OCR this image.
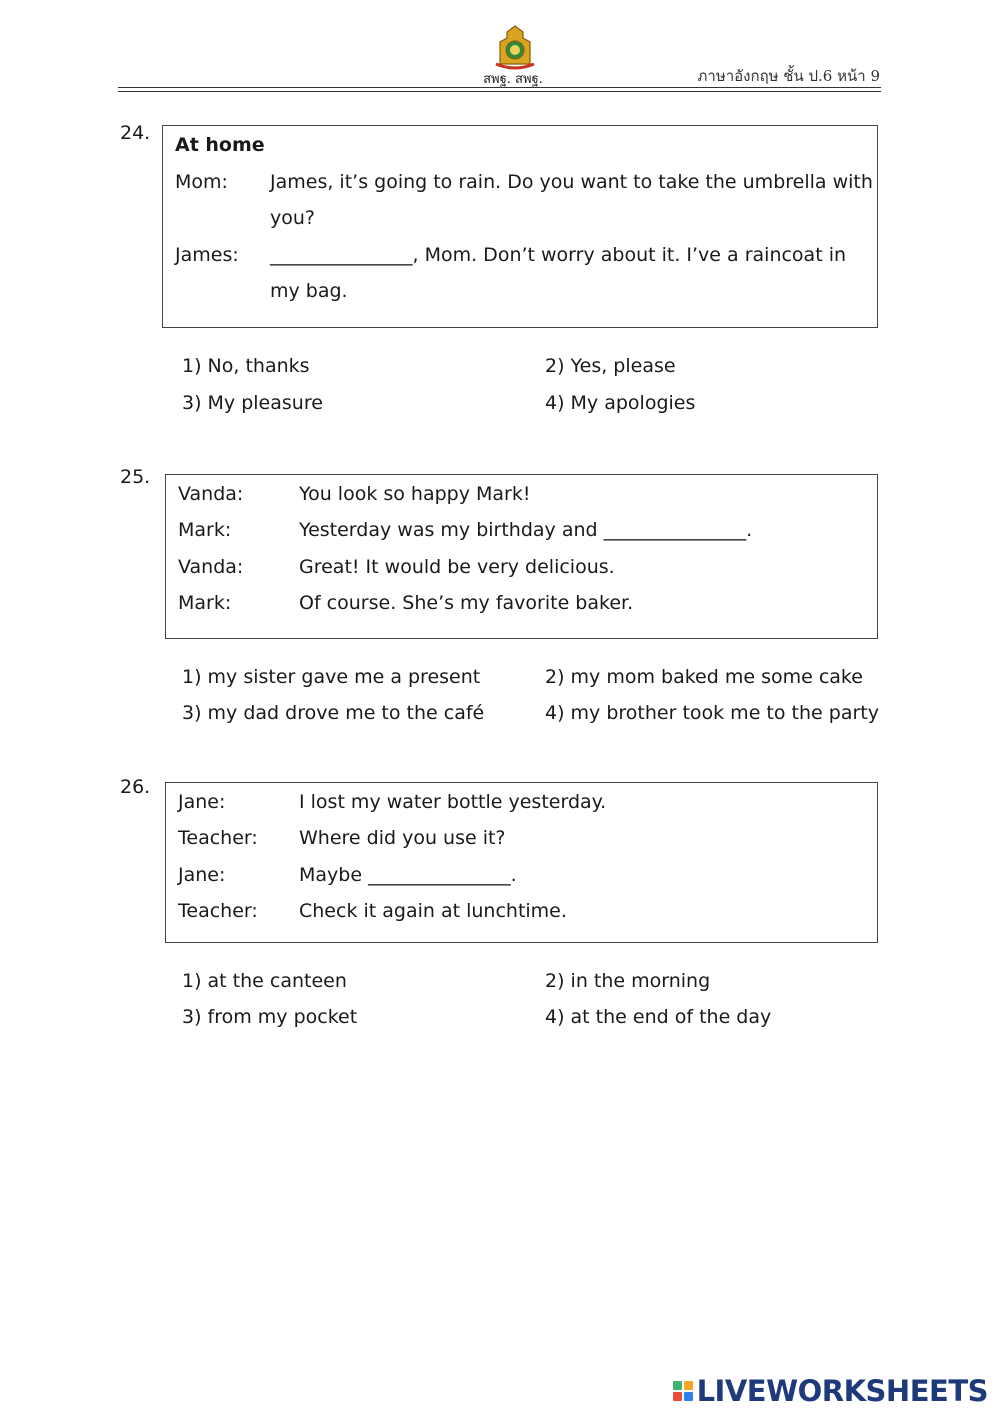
สพฐ. สพฐ.	ภาษาอังกฤษ ชั้น ป.6 หน้า 9
24.
At home
Mom: James, it’s going to rain. Do you want to take the umbrella with
you?
James: _______________, Mom. Don’t worry about it. I’ve a raincoat in
my bag.
1) No, thanks	2) Yes, please
3) My pleasure	4) My apologies
25.
Vanda:	You look so happy Mark!
Mark:	Yesterday was my birthday and _______________.
Vanda:	Great! It would be very delicious.
Mark:	Of course. She’s my favorite baker.
1) my sister gave me a present	2) my mom baked me some cake
3) my dad drove me to the café	4) my brother took me to the party
26.
Jane:	I lost my water bottle yesterday.
Teacher: Where did you use it?
Jane:	Maybe _______________.
Teacher: Check it again at lunchtime.
1) at the canteen	2) in the morning
3) from my pocket	4) at the end of the day
LIVEWORKSHEETS
